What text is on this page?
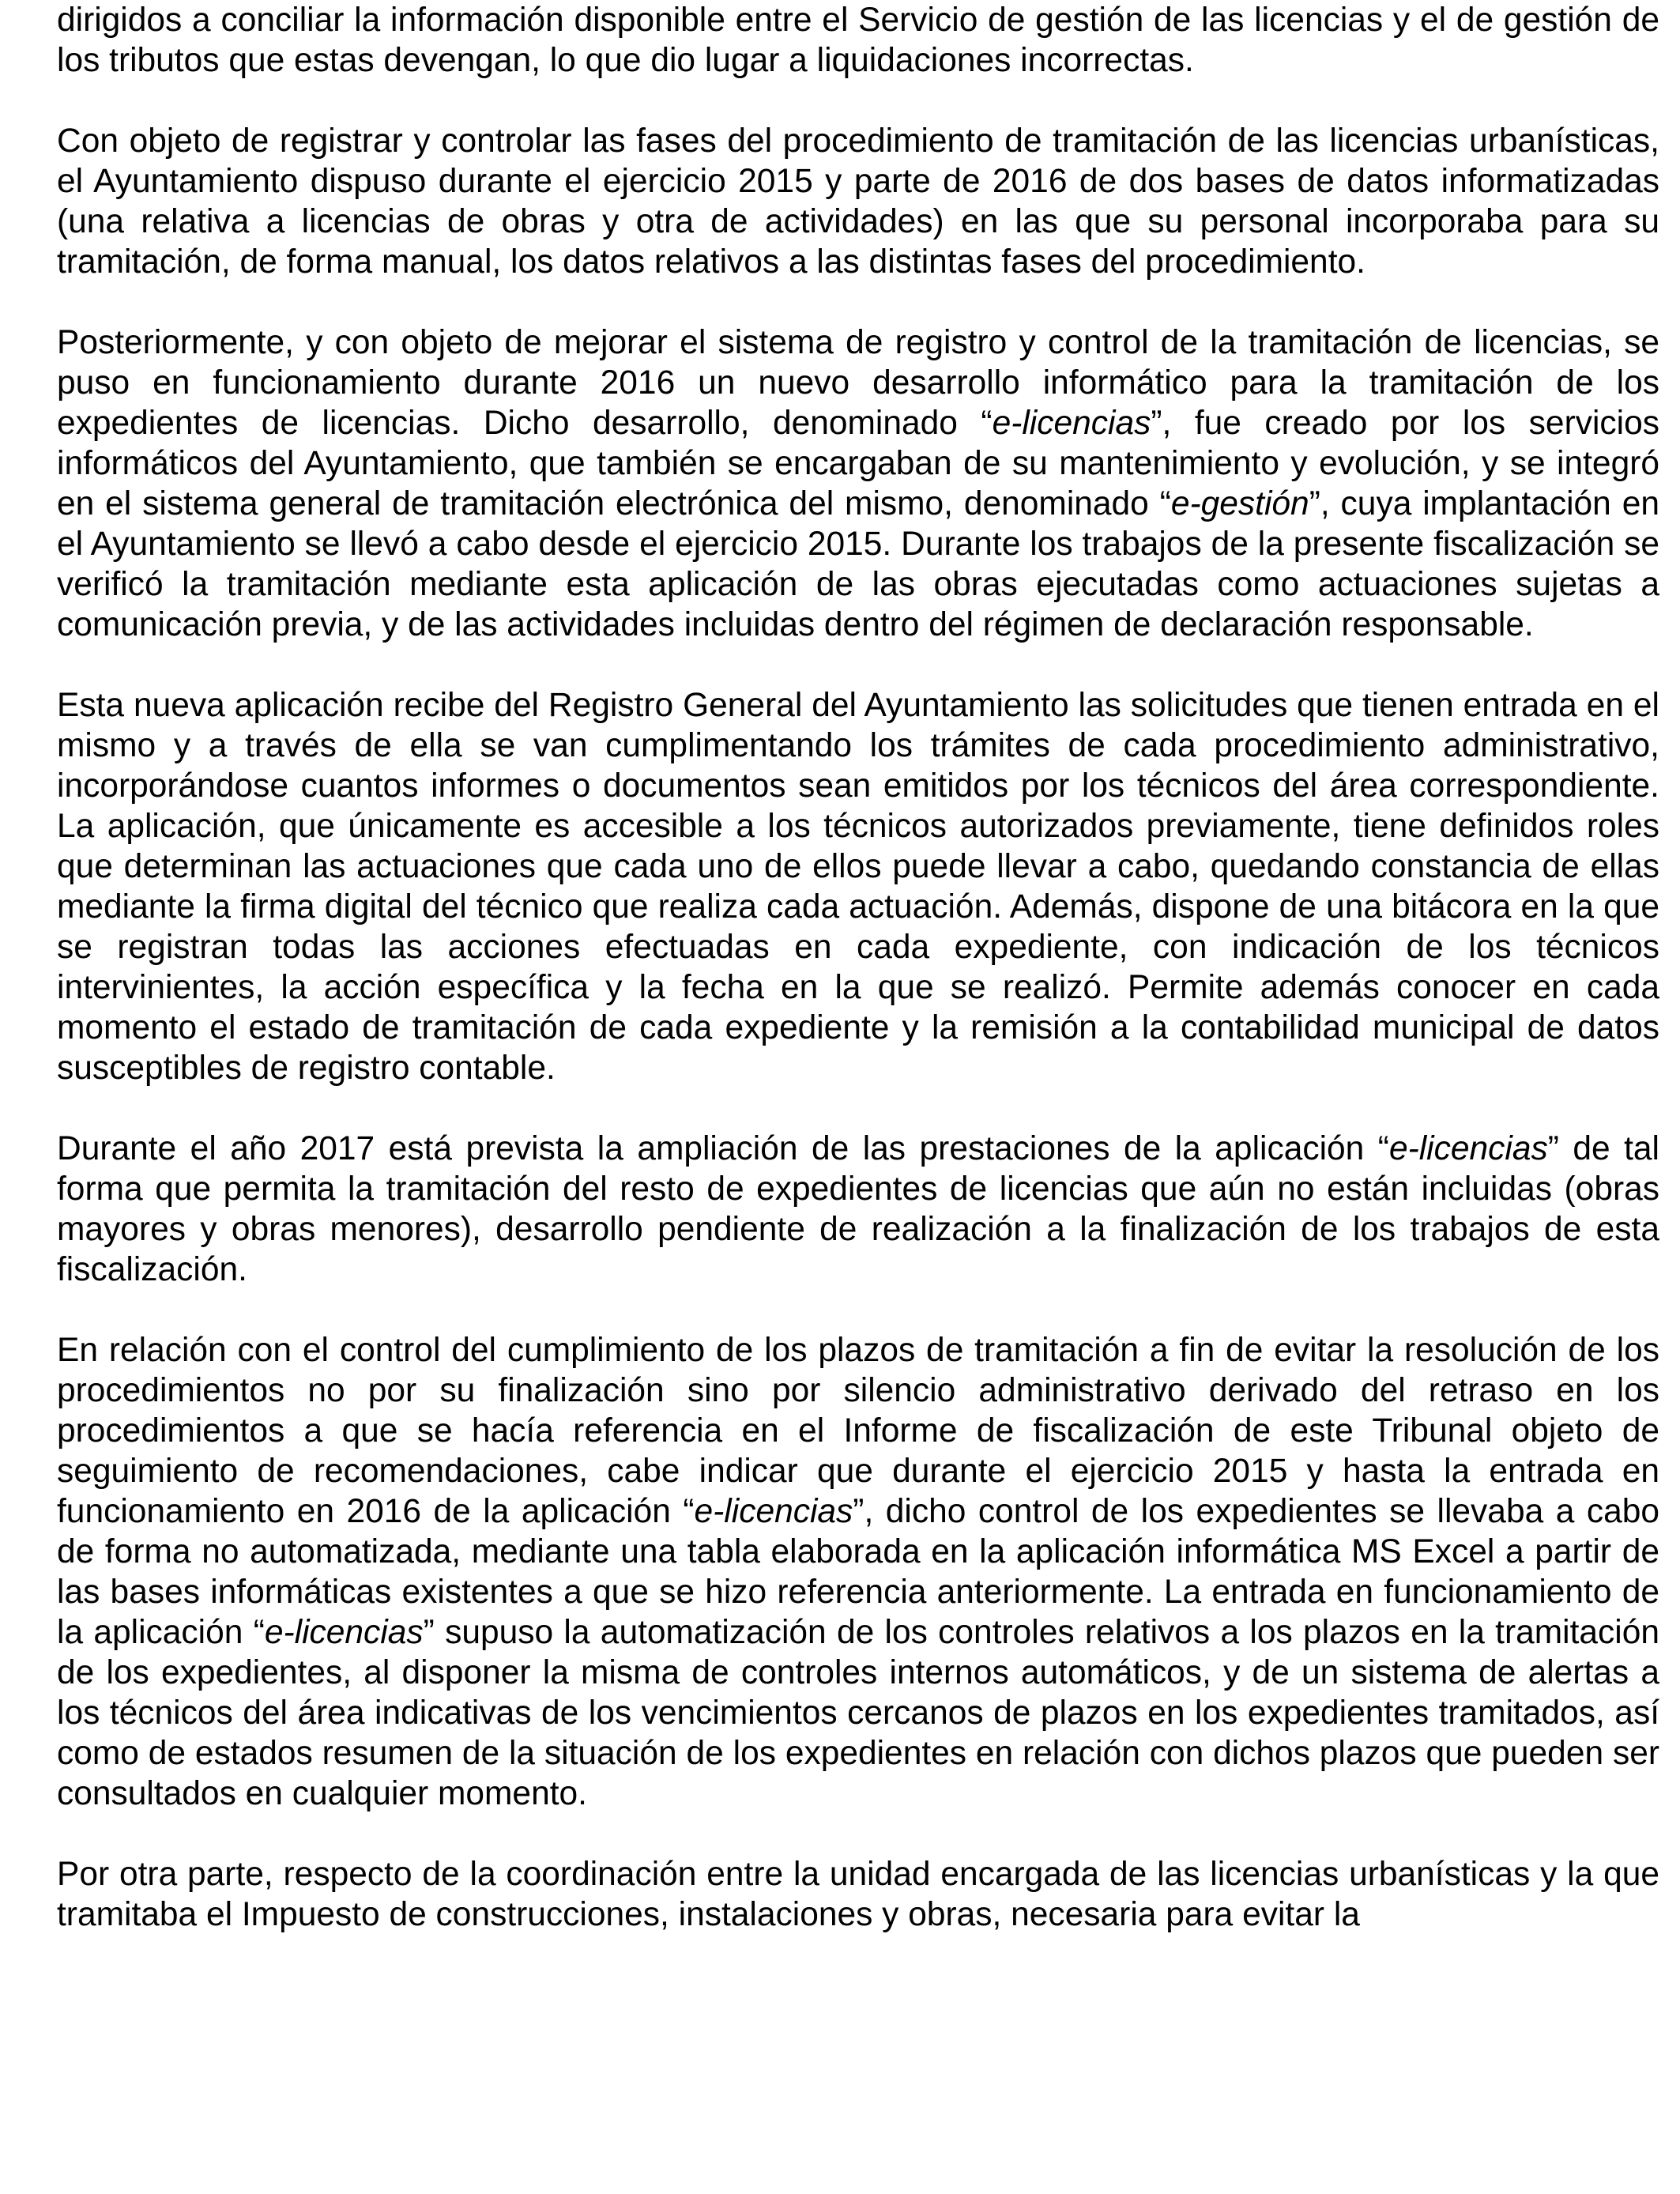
dirigidos a conciliar la información disponible entre el Servicio de gestión de las licencias y el de gestión de los tributos que estas devengan, lo que dio lugar a liquidaciones incorrectas.

Con objeto de registrar y controlar las fases del procedimiento de tramitación de las licencias urbanísticas, el Ayuntamiento dispuso durante el ejercicio 2015 y parte de 2016 de dos bases de datos informatizadas (una relativa a licencias de obras y otra de actividades) en las que su personal incorporaba para su tramitación, de forma manual, los datos relativos a las distintas fases del procedimiento.

Posteriormente, y con objeto de mejorar el sistema de registro y control de la tramitación de licencias, se puso en funcionamiento durante 2016 un nuevo desarrollo informático para la tramitación de los expedientes de licencias. Dicho desarrollo, denominado “e-licencias”, fue creado por los servicios informáticos del Ayuntamiento, que también se encargaban de su mantenimiento y evolución, y se integró en el sistema general de tramitación electrónica del mismo, denominado “e-gestión”, cuya implantación en el Ayuntamiento se llevó a cabo desde el ejercicio 2015. Durante los trabajos de la presente fiscalización se verificó la tramitación mediante esta aplicación de las obras ejecutadas como actuaciones sujetas a comunicación previa, y de las actividades incluidas dentro del régimen de declaración responsable.

Esta nueva aplicación recibe del Registro General del Ayuntamiento las solicitudes que tienen entrada en el mismo y a través de ella se van cumplimentando los trámites de cada procedimiento administrativo, incorporándose cuantos informes o documentos sean emitidos por los técnicos del área correspondiente. La aplicación, que únicamente es accesible a los técnicos autorizados previamente, tiene definidos roles que determinan las actuaciones que cada uno de ellos puede llevar a cabo, quedando constancia de ellas mediante la firma digital del técnico que realiza cada actuación. Además, dispone de una bitácora en la que se registran todas las acciones efectuadas en cada expediente, con indicación de los técnicos intervinientes, la acción específica y la fecha en la que se realizó. Permite además conocer en cada momento el estado de tramitación de cada expediente y la remisión a la contabilidad municipal de datos susceptibles de registro contable.

Durante el año 2017 está prevista la ampliación de las prestaciones de la aplicación “e-licencias” de tal forma que permita la tramitación del resto de expedientes de licencias que aún no están incluidas (obras mayores y obras menores), desarrollo pendiente de realización a la finalización de los trabajos de esta fiscalización.

En relación con el control del cumplimiento de los plazos de tramitación a fin de evitar la resolución de los procedimientos no por su finalización sino por silencio administrativo derivado del retraso en los procedimientos a que se hacía referencia en el Informe de fiscalización de este Tribunal objeto de seguimiento de recomendaciones, cabe indicar que durante el ejercicio 2015 y hasta la entrada en funcionamiento en 2016 de la aplicación “e-licencias”, dicho control de los expedientes se llevaba a cabo de forma no automatizada, mediante una tabla elaborada en la aplicación informática MS Excel a partir de las bases informáticas existentes a que se hizo referencia anteriormente. La entrada en funcionamiento de la aplicación “e-licencias” supuso la automatización de los controles relativos a los plazos en la tramitación de los expedientes, al disponer la misma de controles internos automáticos, y de un sistema de alertas a los técnicos del área indicativas de los vencimientos cercanos de plazos en los expedientes tramitados, así como de estados resumen de la situación de los expedientes en relación con dichos plazos que pueden ser consultados en cualquier momento.

Por otra parte, respecto de la coordinación entre la unidad encargada de las licencias urbanísticas y la que tramitaba el Impuesto de construcciones, instalaciones y obras, necesaria para evitar la
